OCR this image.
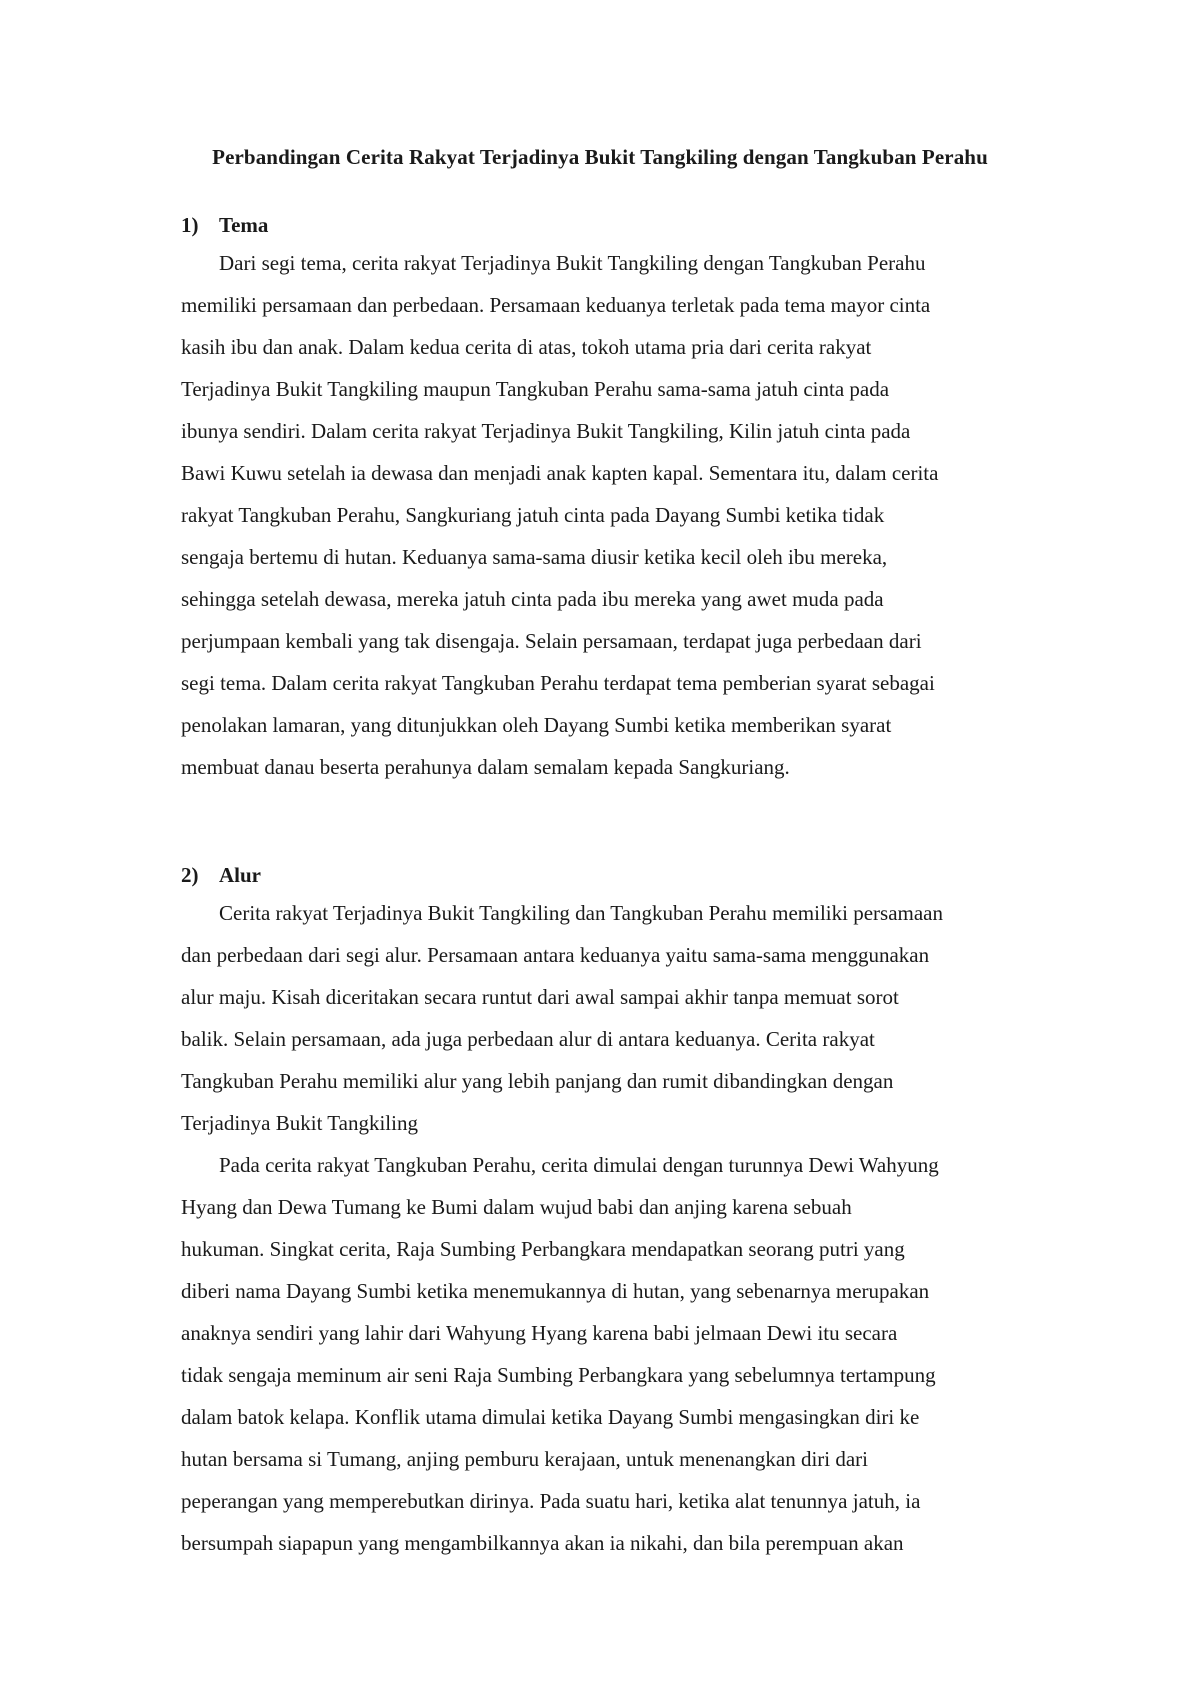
Perbandingan Cerita Rakyat Terjadinya Bukit Tangkiling dengan Tangkuban Perahu
1) Tema
Dari segi tema, cerita rakyat Terjadinya Bukit Tangkiling dengan Tangkuban Perahu
memiliki persamaan dan perbedaan. Persamaan keduanya terletak pada tema mayor cinta
kasih ibu dan anak. Dalam kedua cerita di atas, tokoh utama pria dari cerita rakyat
Terjadinya Bukit Tangkiling maupun Tangkuban Perahu sama-sama jatuh cinta pada
ibunya sendiri. Dalam cerita rakyat Terjadinya Bukit Tangkiling, Kilin jatuh cinta pada
Bawi Kuwu setelah ia dewasa dan menjadi anak kapten kapal. Sementara itu, dalam cerita
rakyat Tangkuban Perahu, Sangkuriang jatuh cinta pada Dayang Sumbi ketika tidak
sengaja bertemu di hutan. Keduanya sama-sama diusir ketika kecil oleh ibu mereka,
sehingga setelah dewasa, mereka jatuh cinta pada ibu mereka yang awet muda pada
perjumpaan kembali yang tak disengaja. Selain persamaan, terdapat juga perbedaan dari
segi tema. Dalam cerita rakyat Tangkuban Perahu terdapat tema pemberian syarat sebagai
penolakan lamaran, yang ditunjukkan oleh Dayang Sumbi ketika memberikan syarat
membuat danau beserta perahunya dalam semalam kepada Sangkuriang.
2) Alur
Cerita rakyat Terjadinya Bukit Tangkiling dan Tangkuban Perahu memiliki persamaan
dan perbedaan dari segi alur. Persamaan antara keduanya yaitu sama-sama menggunakan
alur maju. Kisah diceritakan secara runtut dari awal sampai akhir tanpa memuat sorot
balik. Selain persamaan, ada juga perbedaan alur di antara keduanya. Cerita rakyat
Tangkuban Perahu memiliki alur yang lebih panjang dan rumit dibandingkan dengan
Terjadinya Bukit Tangkiling
Pada cerita rakyat Tangkuban Perahu, cerita dimulai dengan turunnya Dewi Wahyung
Hyang dan Dewa Tumang ke Bumi dalam wujud babi dan anjing karena sebuah
hukuman. Singkat cerita, Raja Sumbing Perbangkara mendapatkan seorang putri yang
diberi nama Dayang Sumbi ketika menemukannya di hutan, yang sebenarnya merupakan
anaknya sendiri yang lahir dari Wahyung Hyang karena babi jelmaan Dewi itu secara
tidak sengaja meminum air seni Raja Sumbing Perbangkara yang sebelumnya tertampung
dalam batok kelapa. Konflik utama dimulai ketika Dayang Sumbi mengasingkan diri ke
hutan bersama si Tumang, anjing pemburu kerajaan, untuk menenangkan diri dari
peperangan yang memperebutkan dirinya. Pada suatu hari, ketika alat tenunnya jatuh, ia
bersumpah siapapun yang mengambilkannya akan ia nikahi, dan bila perempuan akan
